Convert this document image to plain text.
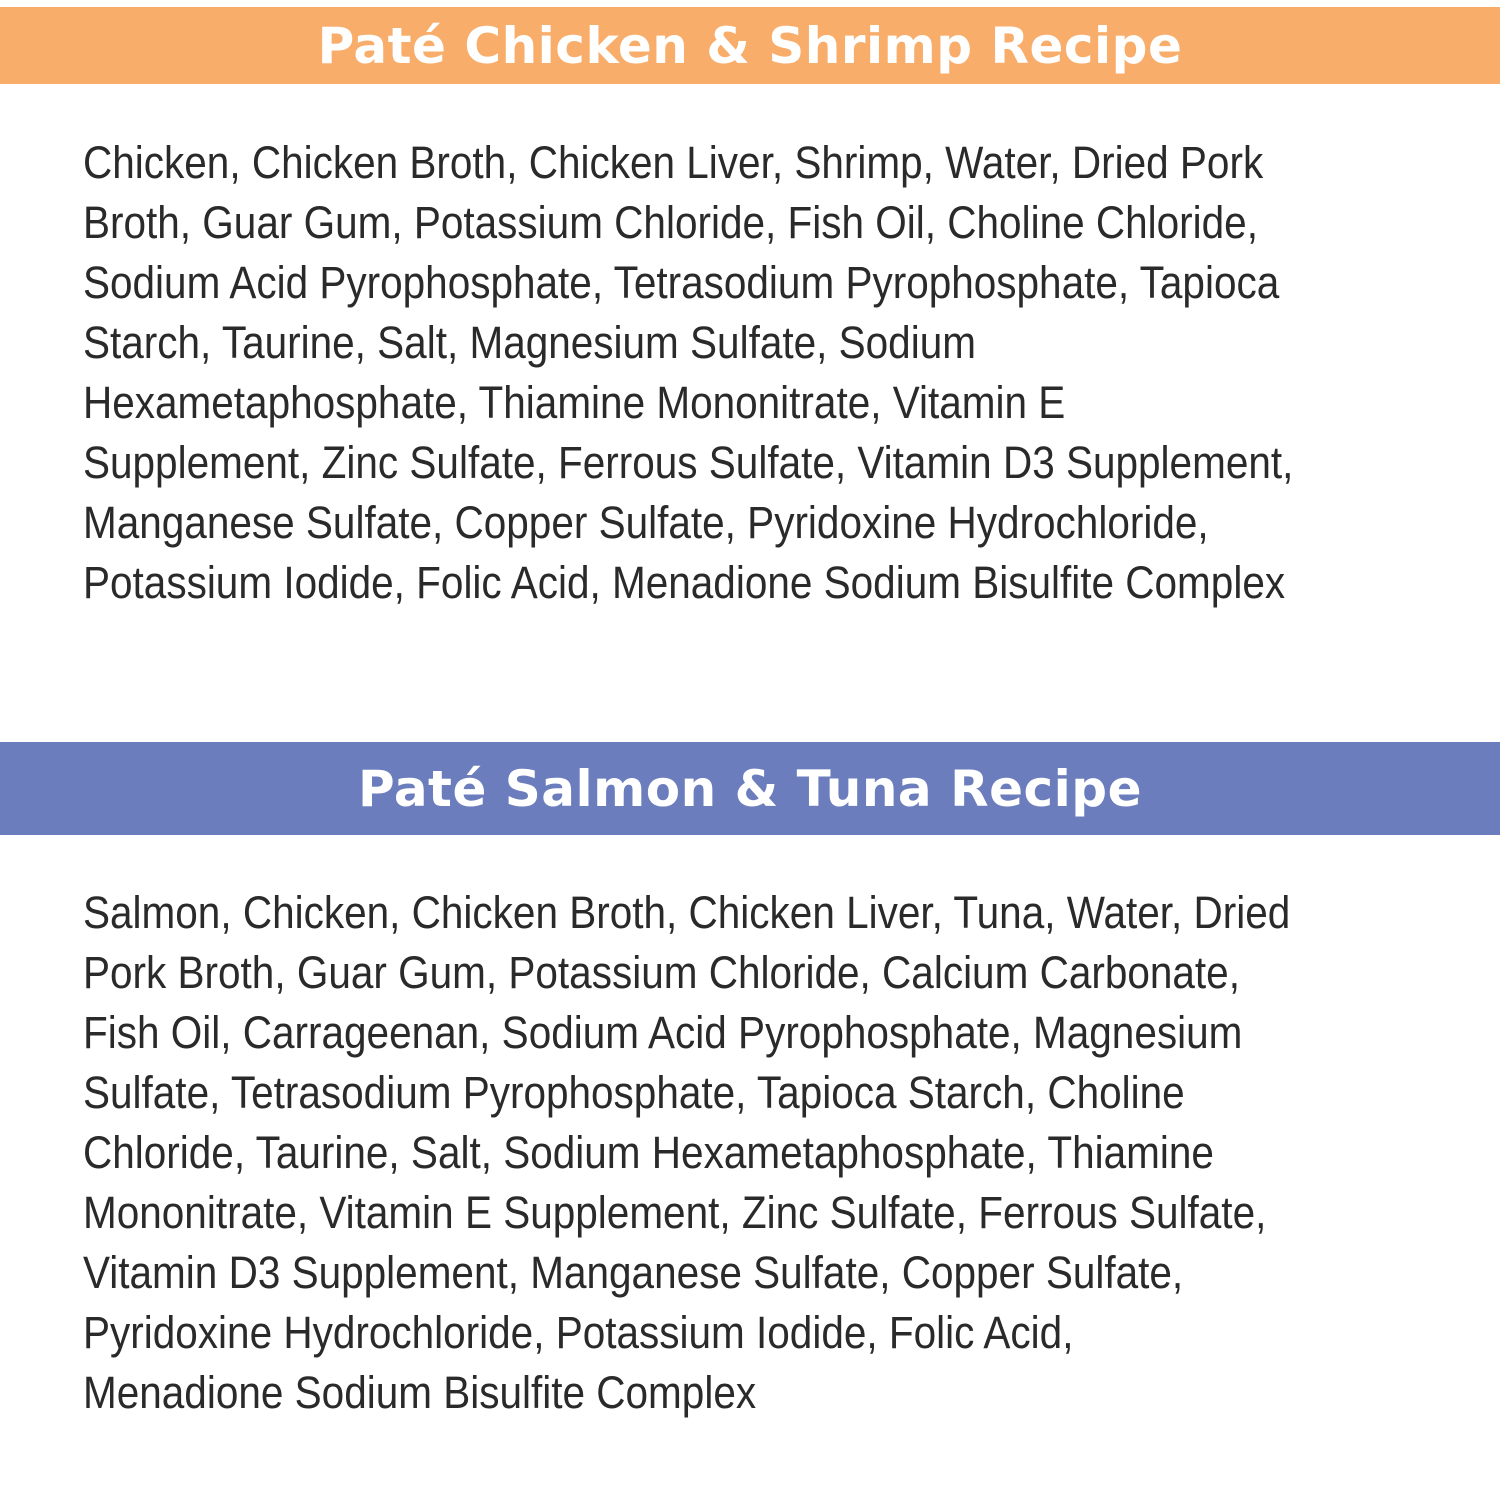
Paté Chicken & Shrimp Recipe

Chicken, Chicken Broth, Chicken Liver, Shrimp, Water, Dried Pork
Broth, Guar Gum, Potassium Chloride, Fish Oil, Choline Chloride,
Sodium Acid Pyrophosphate, Tetrasodium Pyrophosphate, Tapioca
Starch, Taurine, Salt, Magnesium Sulfate, Sodium
Hexametaphosphate, Thiamine Mononitrate, Vitamin E
Supplement, Zinc Sulfate, Ferrous Sulfate, Vitamin D3 Supplement,
Manganese Sulfate, Copper Sulfate, Pyridoxine Hydrochloride,
Potassium Iodide, Folic Acid, Menadione Sodium Bisulfite Complex

Paté Salmon & Tuna Recipe

Salmon, Chicken, Chicken Broth, Chicken Liver, Tuna, Water, Dried
Pork Broth, Guar Gum, Potassium Chloride, Calcium Carbonate,
Fish Oil, Carrageenan, Sodium Acid Pyrophosphate, Magnesium
Sulfate, Tetrasodium Pyrophosphate, Tapioca Starch, Choline
Chloride, Taurine, Salt, Sodium Hexametaphosphate, Thiamine
Mononitrate, Vitamin E Supplement, Zinc Sulfate, Ferrous Sulfate,
Vitamin D3 Supplement, Manganese Sulfate, Copper Sulfate,
Pyridoxine Hydrochloride, Potassium Iodide, Folic Acid,
Menadione Sodium Bisulfite Complex
